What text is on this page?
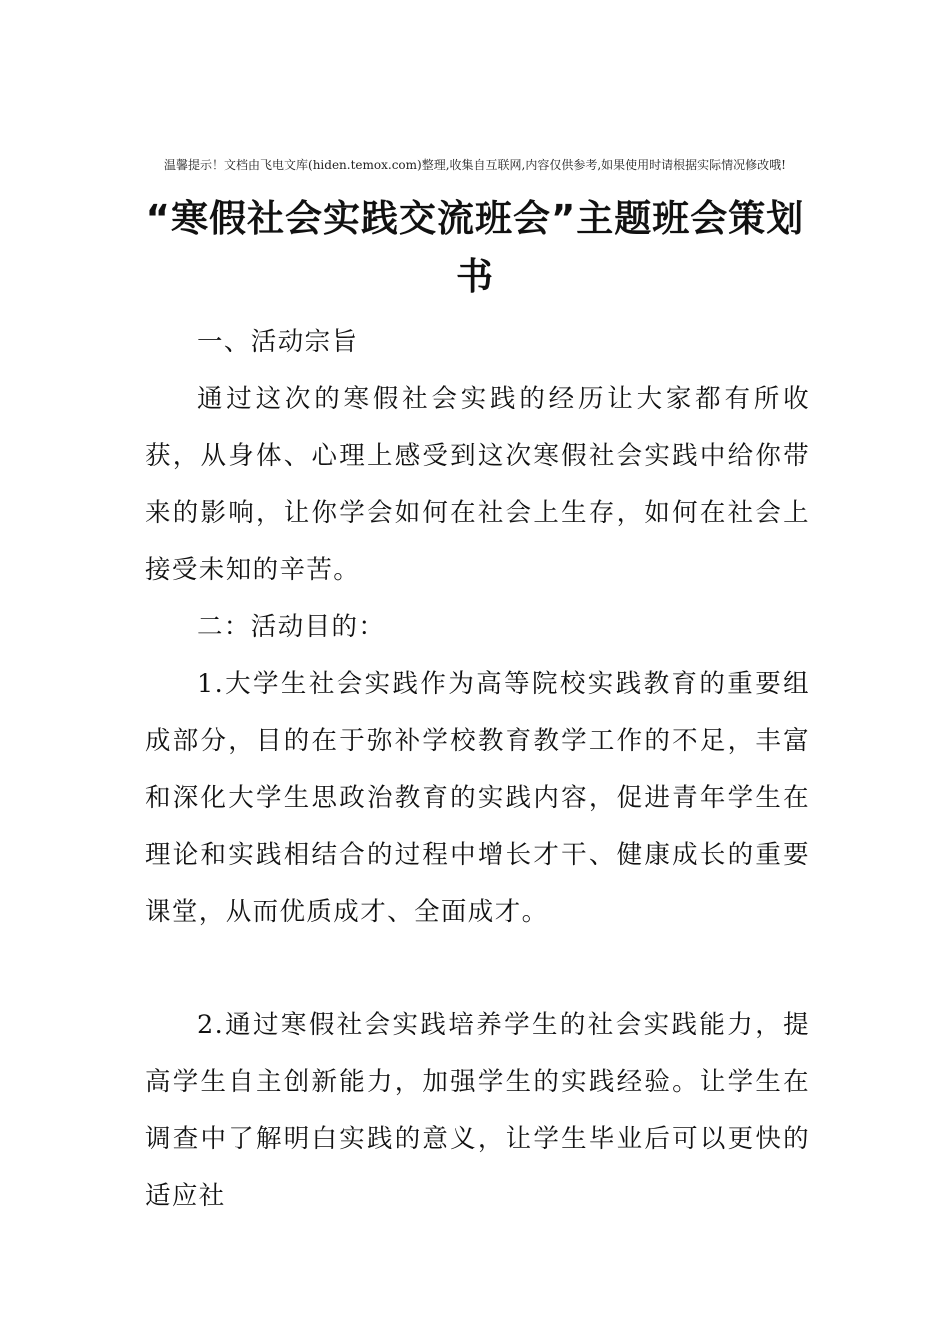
温馨提示！文档由飞电文库(hiden.temox.com)整理,收集自互联网,内容仅供参考,如果使用时请根据实际情况修改哦!
“寒假社会实践交流班会”主题班会策划书

一、活动宗旨

通过这次的寒假社会实践的经历让大家都有所收获，从身体、心理上感受到这次寒假社会实践中给你带来的影响，让你学会如何在社会上生存，如何在社会上接受未知的辛苦。

二：活动目的：

1.大学生社会实践作为高等院校实践教育的重要组成部分，目的在于弥补学校教育教学工作的不足，丰富和深化大学生思政治教育的实践内容，促进青年学生在理论和实践相结合的过程中增长才干、健康成长的重要课堂，从而优质成才、全面成才。

2.通过寒假社会实践培养学生的社会实践能力，提高学生自主创新能力，加强学生的实践经验。让学生在调查中了解明白实践的意义，让学生毕业后可以更快的适应社
